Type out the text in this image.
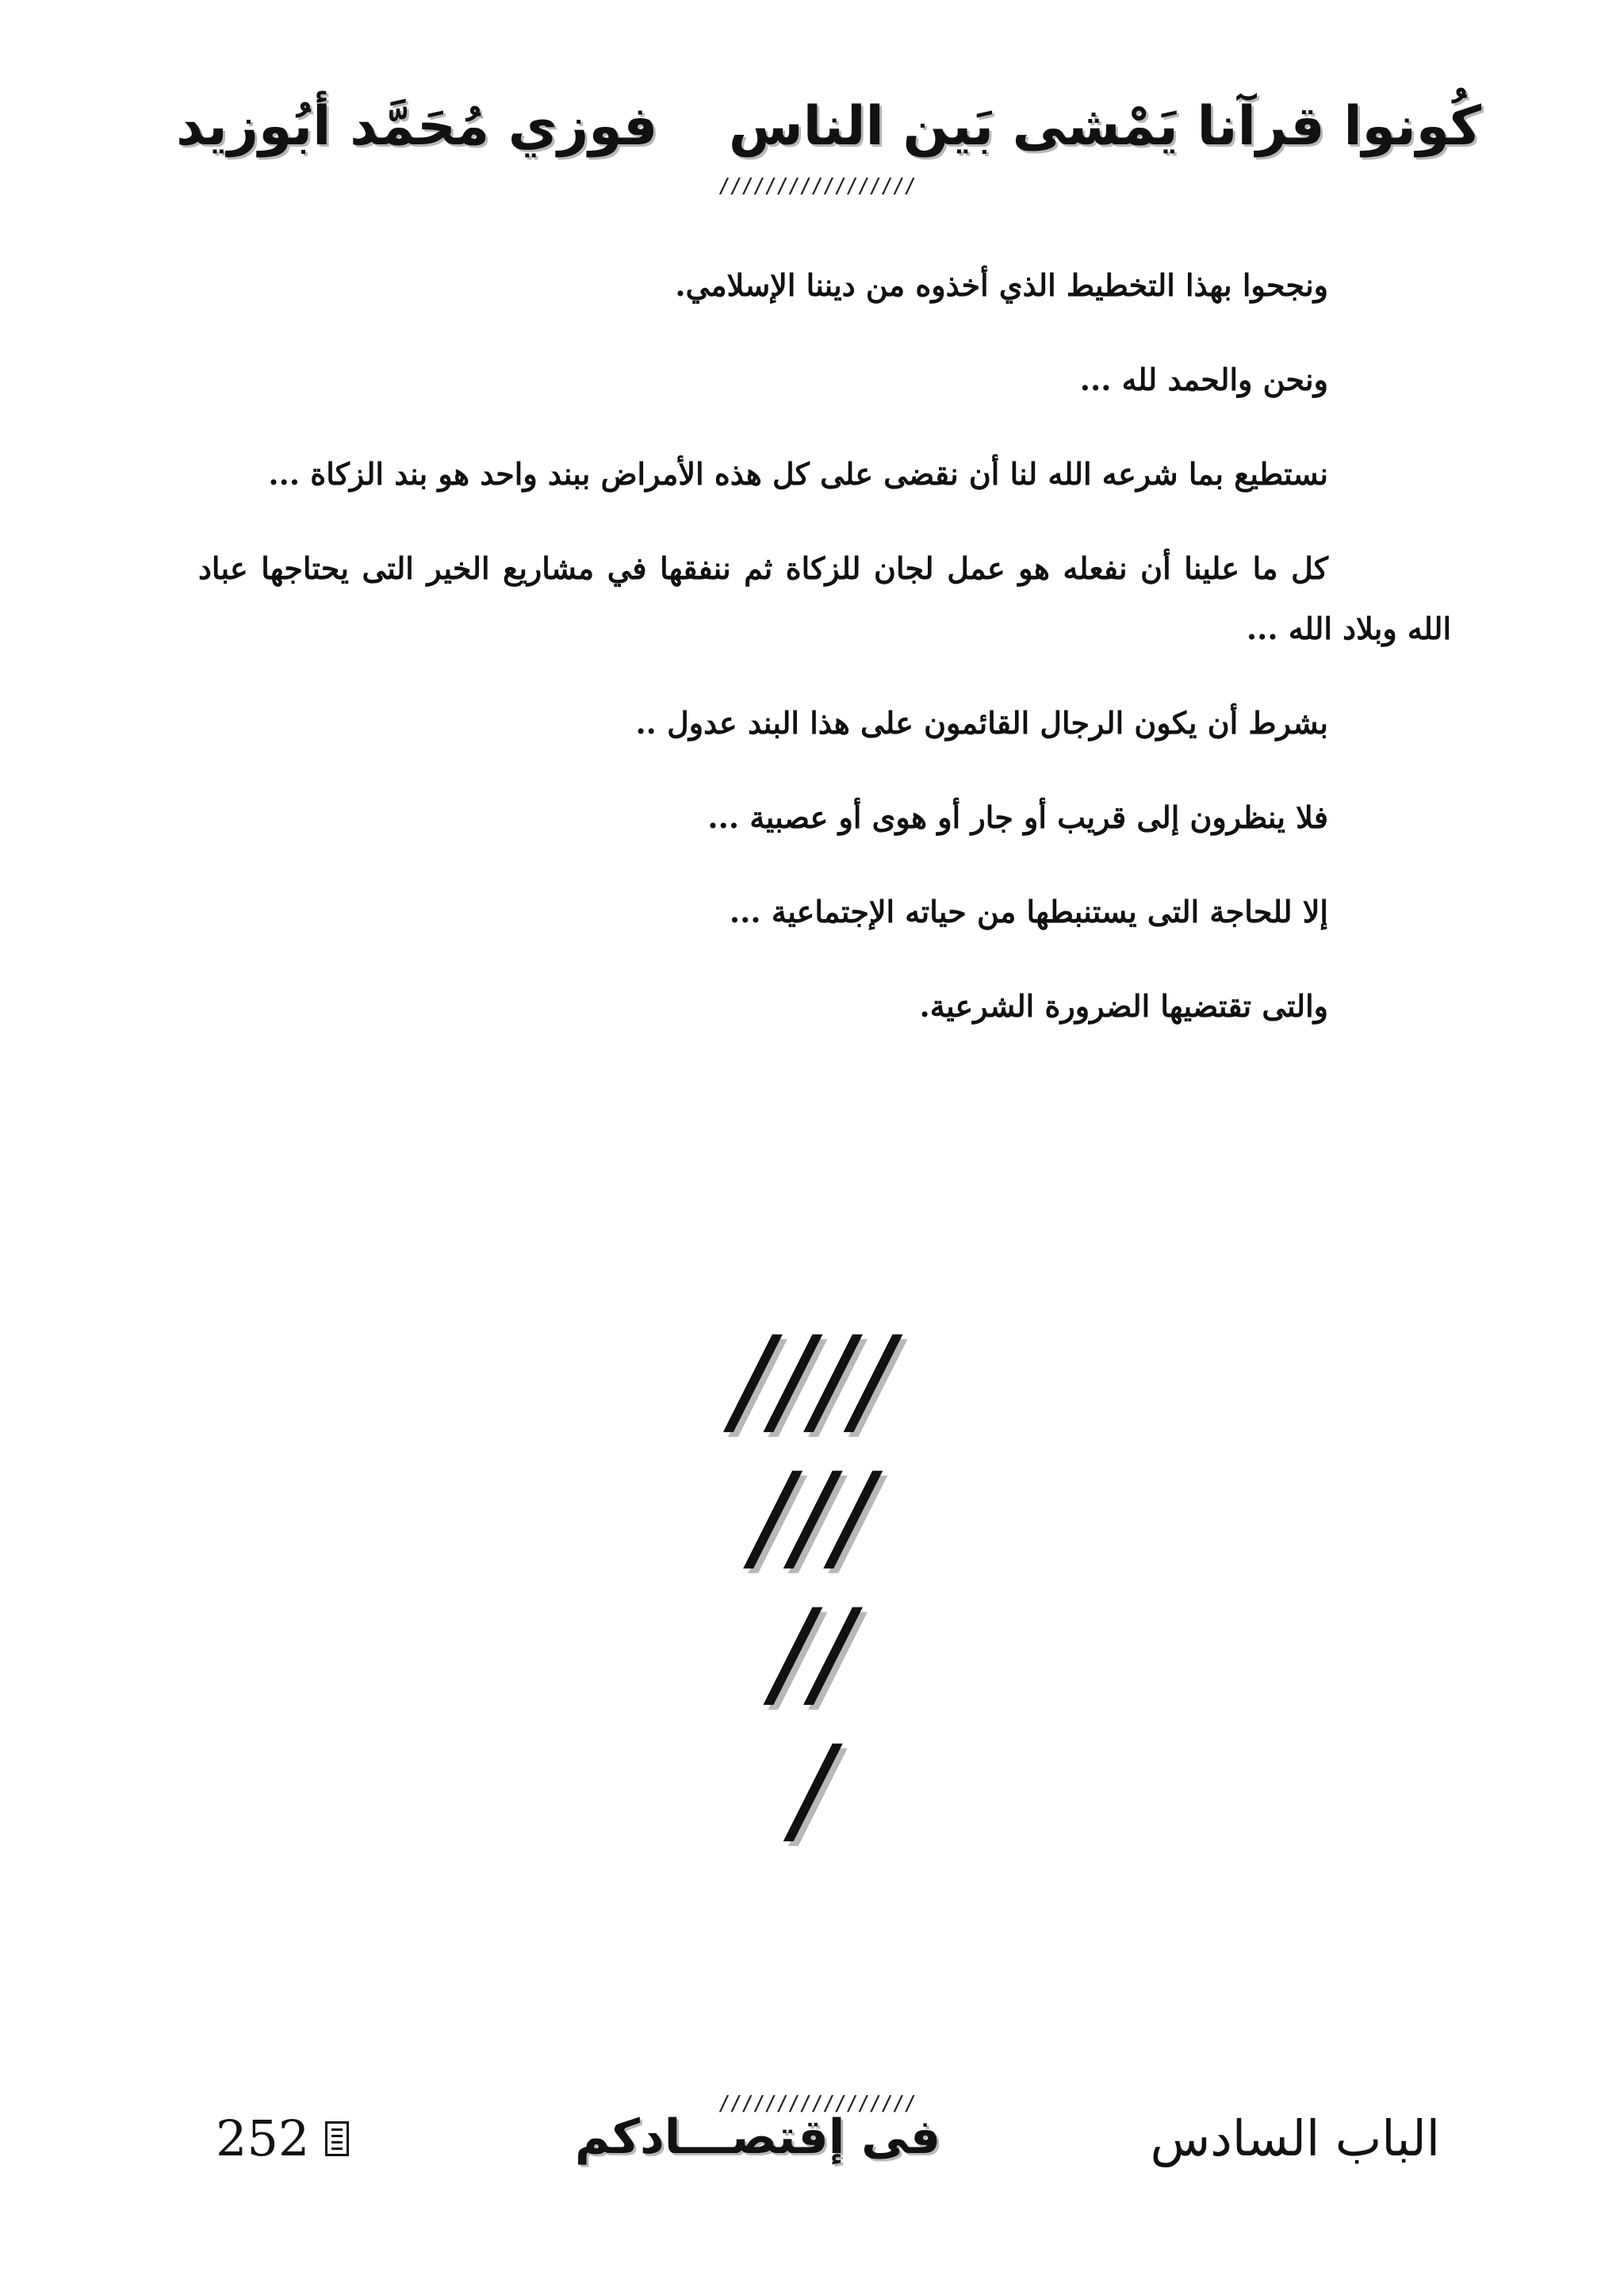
كُونوا قرآنا يَمْشى بَين الناس
فوزي مُحَمَّد أبُوزيد
/////////////////

ونجحوا بهذا التخطيط الذي أخذوه من ديننا الإسلامي.

ونحن والحمد لله ...

نستطيع بما شرعه الله لنا أن نقضى على كل هذه الأمراض ببند واحد هو بند الزكاة ...

كل ما علينا أن نفعله هو عمل لجان للزكاة ثم ننفقها في مشاريع الخير التى يحتاجها عباد الله وبلاد الله ...

بشرط أن يكون الرجال القائمون على هذا البند عدول ..

فلا ينظرون إلى قريب أو جار أو هوى أو عصبية ...

إلا للحاجة التى يستنبطها من حياته الإجتماعية ...

والتى تقتضيها الضرورة الشرعية.

////
///
//
/
/////////////////
الباب السادس
فى إقتصـــادكم
252
